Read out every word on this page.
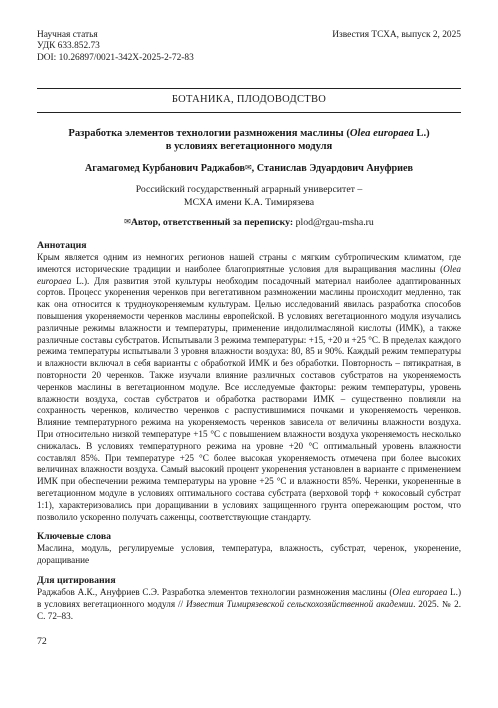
Научная статья
УДК 633.852.73
DOI: 10.26897/0021-342X-2025-2-72-83
Известия ТСХА, выпуск 2, 2025
БОТАНИКА, ПЛОДОВОДСТВО
Разработка элементов технологии размножения маслины (Olea europaea L.)
в условиях вегетационного модуля
Агамагомед Курбанович Раджабов✉, Станислав Эдуардович Ануфриев
Российский государственный аграрный университет –
МСХА имени К.А. Тимирязева
✉Автор, ответственный за переписку: plod@rgau-msha.ru
Аннотация
Крым является одним из немногих регионов нашей страны с мягким субтропическим климатом, где имеются исторические традиции и наиболее благоприятные условия для выращивания маслины (Olea europaea L.). Для развития этой культуры необходим посадочный материал наиболее адаптированных сортов. Процесс укоренения черенков при вегетативном размножении маслины происходит медленно, так как она относится к трудноукореняемым культурам. Целью исследований явилась разработка способов повышения укореняемости черенков маслины европейской. В условиях вегетационного модуля изучались различные режимы влажности и температуры, применение индолилмасляной кислоты (ИМК), а также различные составы субстратов. Испытывали 3 режима температуры: +15, +20 и +25 °С. В пределах каждого режима температуры испытывали 3 уровня влажности воздуха: 80, 85 и 90%. Каждый режим температуры и влажности включал в себя варианты с обработкой ИМК и без обработки. Повторность – пятикратная, в повторности 20 черенков. Также изучали влияние различных составов субстратов на укореняемость черенков маслины в вегетационном модуле. Все исследуемые факторы: режим температуры, уровень влажности воздуха, состав субстратов и обработка растворами ИМК – существенно повлияли на сохранность черенков, количество черенков с распустившимися почками и укореняемость черенков. Влияние температурного режима на укореняемость черенков зависела от величины влажности воздуха. При относительно низкой температуре +15 °С с повышением влажности воздуха укореняемость несколько снижалась. В условиях температурного режима на уровне +20 °С оптимальный уровень влажности составлял 85%. При температуре +25 °С более высокая укореняемость отмечена при более высоких величинах влажности воздуха. Самый высокий процент укоренения установлен в варианте с применением ИМК при обеспечении режима температуры на уровне +25 °С и влажности 85%. Черенки, укорененные в вегетационном модуле в условиях оптимального состава субстрата (верховой торф + кокосовый субстрат 1:1), характеризовались при доращивании в условиях защищенного грунта опережающим ростом, что позволило ускоренно получать саженцы, соответствующие стандарту.
Ключевые слова
Маслина, модуль, регулируемые условия, температура, влажность, субстрат, черенок, укоренение, доращивание
Для цитирования
Раджабов А.К., Ануфриев С.Э. Разработка элементов технологии размножения маслины (Olea europaea L.) в условиях вегетационного модуля // Известия Тимирязевской сельскохозяйственной академии. 2025. № 2. С. 72–83.
72
